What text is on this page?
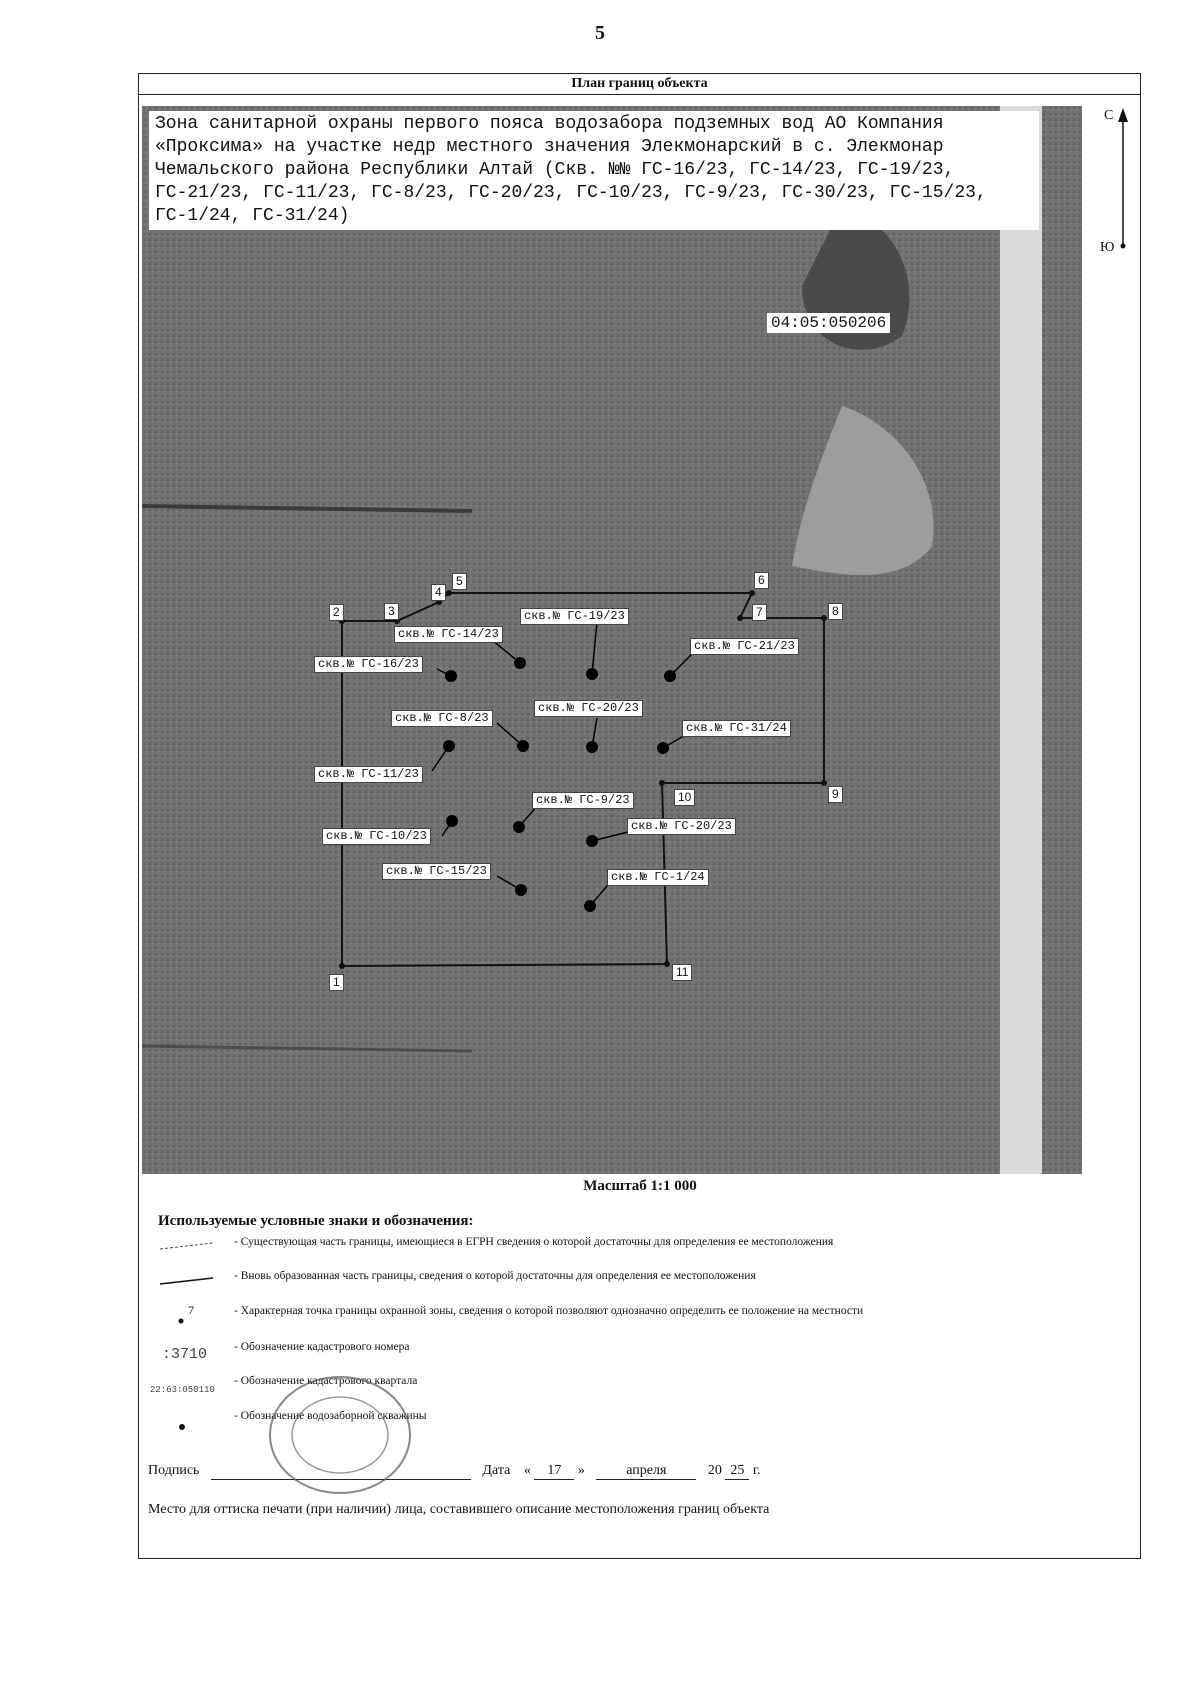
5
План границ объекта
Зона санитарной охраны первого пояса водозабора подземных вод АО Компания «Проксима» на участке недр местного значения Элекмонарский в с. Элекмонар Чемальского района Республики Алтай (Скв. №№ ГС-16/23, ГС-14/23, ГС-19/23, ГС-21/23, ГС-11/23, ГС-8/23, ГС-20/23, ГС-10/23, ГС-9/23, ГС-30/23, ГС-15/23, ГС-1/24, ГС-31/24)
04:05:050206
1
2	3
4
5	6
7	8
9
10
11
скв.№ ГС-14/23
скв.№ ГС-19/23
скв.№ ГС-16/23
скв.№ ГС-21/23
скв.№ ГС-8/23
скв.№ ГС-20/23
скв.№ ГС-31/24
скв.№ ГС-11/23
скв.№ ГС-9/23
скв.№ ГС-10/23
скв.№ ГС-20/23
скв.№ ГС-15/23	скв.№ ГС-1/24
С
Ю
Масштаб 1:1 000
Используемые условные знаки и обозначения:
- Существующая часть границы, имеющиеся в ЕГРН сведения о которой достаточны для определения ее местоположения
- Вновь образованная часть границы, сведения о которой достаточны для определения ее местоположения
7	- Характерная точка границы охранной зоны, сведения о которой позволяют однозначно определить ее положение на местности
:3710 - Обозначение кадастрового номера
22:63:050110
- Обозначение кадастрового квартала
- Обозначение водозаборной скважины
Подпись	Дата « 17 »	апреля	20 25 г.
Место для оттиска печати (при наличии) лица, составившего описание местоположения границ объекта
